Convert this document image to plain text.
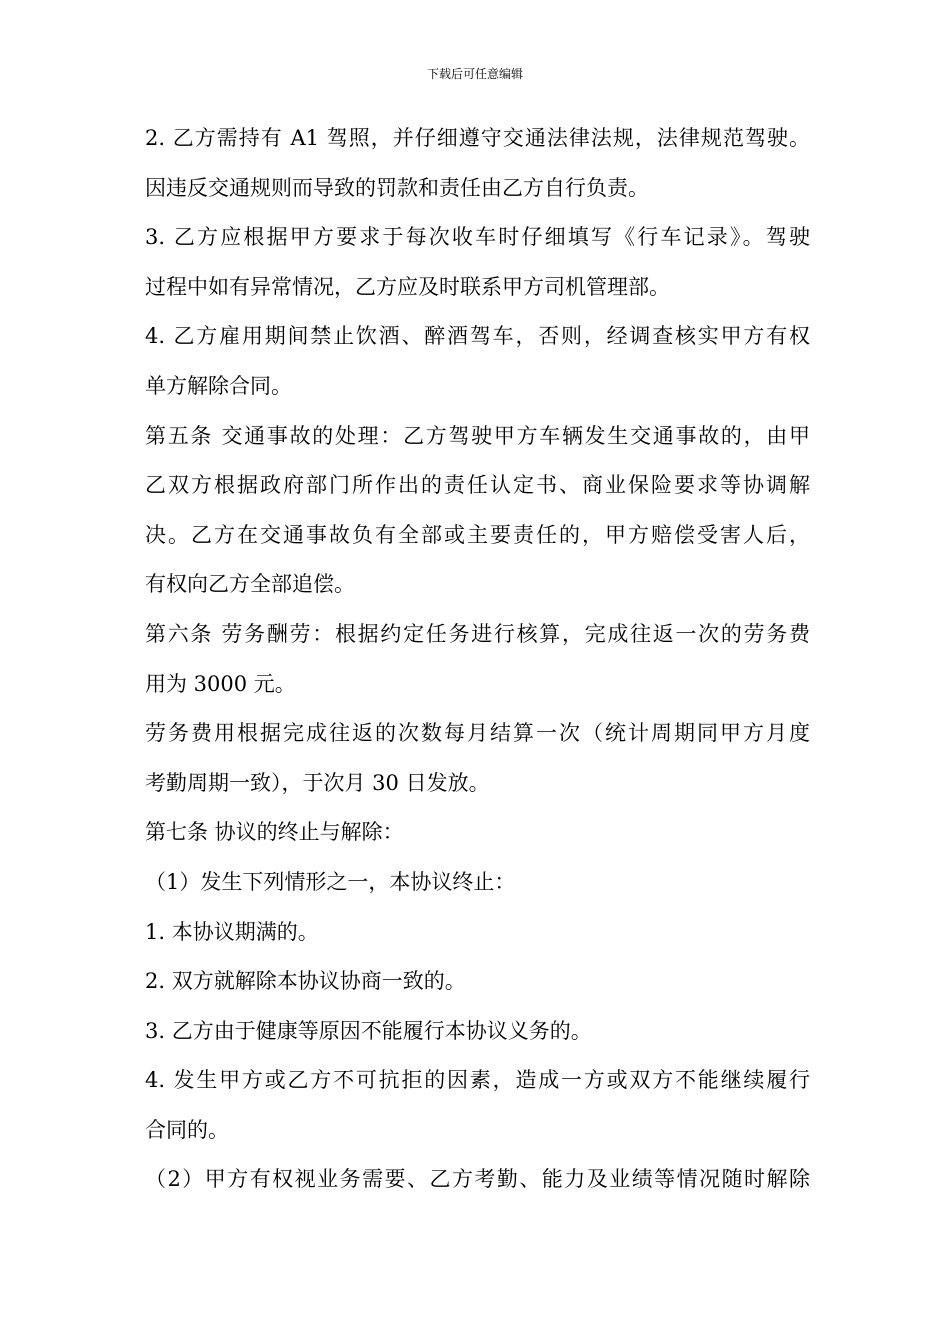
下载后可任意编辑
2. 乙方需持有 A1 驾照，并仔细遵守交通法律法规，法律规范驾驶。
因违反交通规则而导致的罚款和责任由乙方自行负责。
3. 乙方应根据甲方要求于每次收车时仔细填写《行车记录》。驾驶
过程中如有异常情况，乙方应及时联系甲方司机管理部。
4. 乙方雇用期间禁止饮酒、醉酒驾车，否则，经调查核实甲方有权
单方解除合同。
第五条 交通事故的处理：乙方驾驶甲方车辆发生交通事故的，由甲
乙双方根据政府部门所作出的责任认定书、商业保险要求等协调解
决。乙方在交通事故负有全部或主要责任的，甲方赔偿受害人后，
有权向乙方全部追偿。
第六条 劳务酬劳：根据约定任务进行核算，完成往返一次的劳务费
用为 3000 元。
劳务费用根据完成往返的次数每月结算一次（统计周期同甲方月度
考勤周期一致），于次月 30 日发放。
第七条 协议的终止与解除：
（1）发生下列情形之一，本协议终止：
1. 本协议期满的。
2. 双方就解除本协议协商一致的。
3. 乙方由于健康等原因不能履行本协议义务的。
4. 发生甲方或乙方不可抗拒的因素，造成一方或双方不能继续履行
合同的。
（2）甲方有权视业务需要、乙方考勤、能力及业绩等情况随时解除
